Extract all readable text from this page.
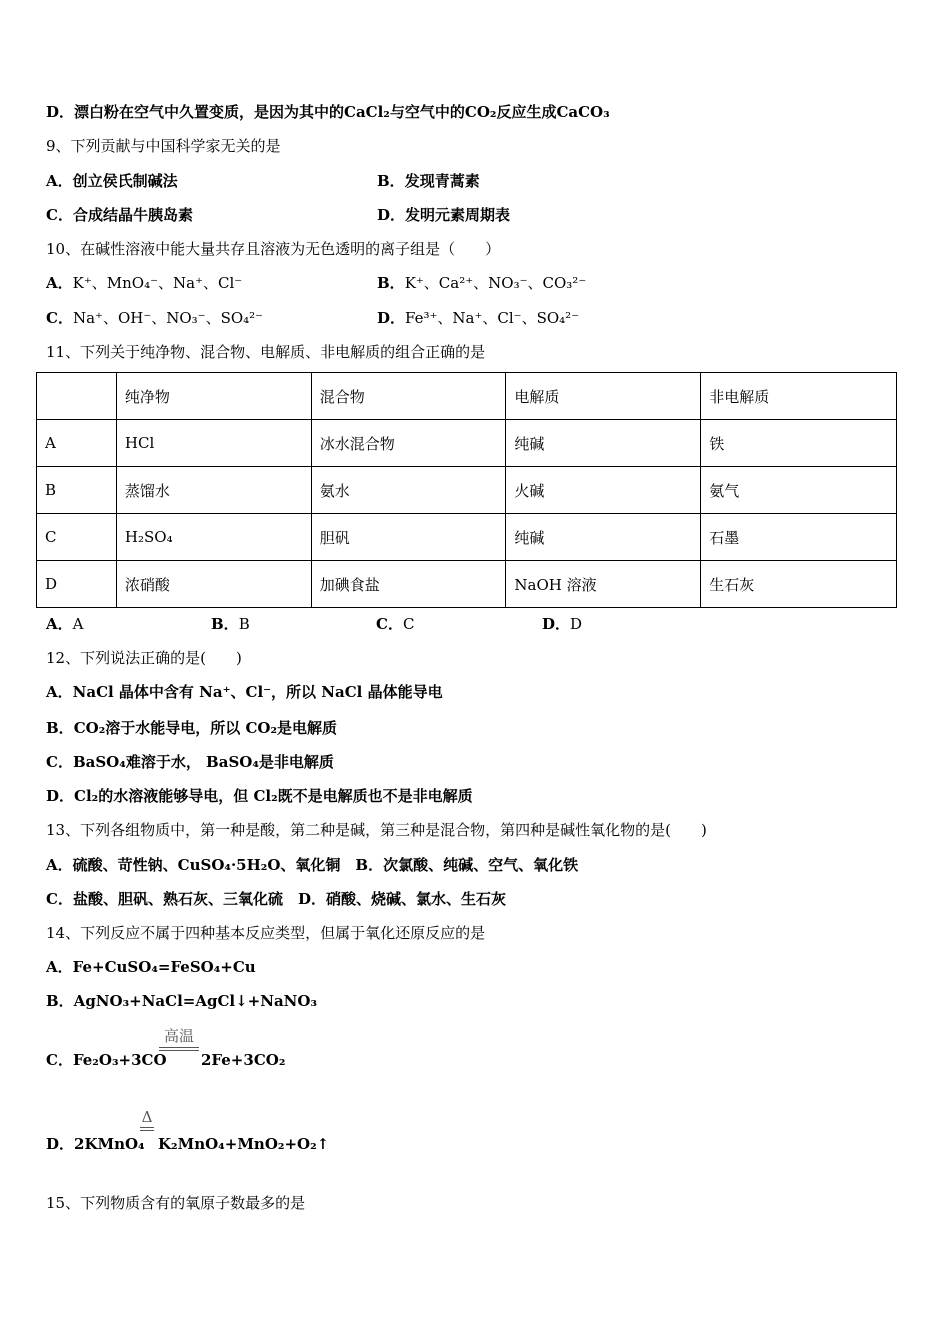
D．漂白粉在空气中久置变质，是因为其中的CaCl₂与空气中的CO₂反应生成CaCO₃
9、下列贡献与中国科学家无关的是
A．创立侯氏制碱法	B．发现青蒿素
C．合成结晶牛胰岛素	D．发明元素周期表
10、在碱性溶液中能大量共存且溶液为无色透明的离子组是（　　）
A．K⁺、MnO₄⁻、Na⁺、Cl⁻	B．K⁺、Ca²⁺、NO₃⁻、CO₃²⁻
C．Na⁺、OH⁻、NO₃⁻、SO₄²⁻	D．Fe³⁺、Na⁺、Cl⁻、SO₄²⁻
11、下列关于纯净物、混合物、电解质、非电解质的组合正确的是
	纯净物	混合物	电解质	非电解质
A	HCl	冰水混合物	纯碱	铁
B	蒸馏水	氨水	火碱	氨气
C	H₂SO₄	胆矾	纯碱	石墨
D	浓硝酸	加碘食盐	NaOH 溶液	生石灰
A．A	B．B	C．C	D．D
12、下列说法正确的是(　　)
A．NaCl 晶体中含有 Na⁺、Cl⁻，所以 NaCl 晶体能导电
B．CO₂溶于水能导电，所以 CO₂是电解质
C．BaSO₄难溶于水， BaSO₄是非电解质
D．Cl₂的水溶液能够导电，但 Cl₂既不是电解质也不是非电解质
13、下列各组物质中，第一种是酸，第二种是碱，第三种是混合物，第四种是碱性氧化物的是(　　)
A．硫酸、苛性钠、CuSO₄·5H₂O、氧化铜　B．次氯酸、纯碱、空气、氧化铁
C．盐酸、胆矾、熟石灰、三氧化硫　D．硝酸、烧碱、氯水、生石灰
14、下列反应不属于四种基本反应类型，但属于氧化还原反应的是
A．Fe+CuSO₄=FeSO₄+Cu
B．AgNO₃+NaCl=AgCl↓+NaNO₃
C．Fe₂O₃+3CO
高温
2Fe+3CO₂
D．2KMnO₄
Δ
K₂MnO₄+MnO₂+O₂↑
15、下列物质含有的氧原子数最多的是
